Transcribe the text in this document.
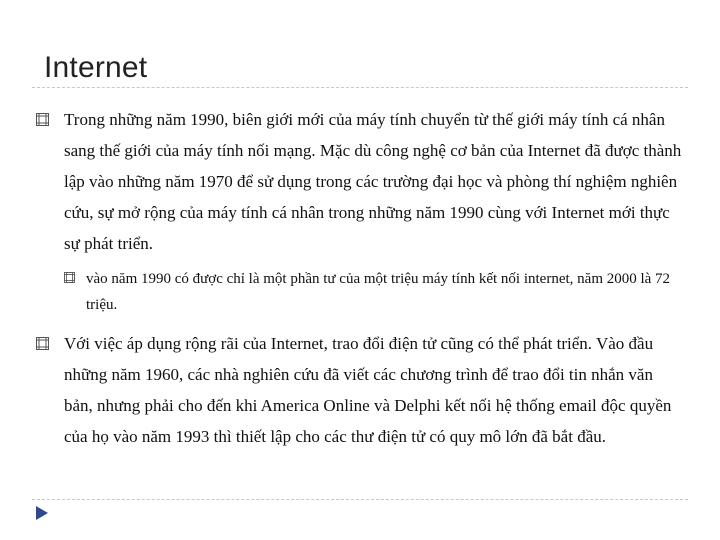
Internet

Trong những năm 1990, biên giới mới của máy tính chuyển từ thế giới máy tính cá nhân sang thế giới của máy tính nối mạng. Mặc dù công nghệ cơ bản của Internet đã được thành lập vào những năm 1970 để sử dụng trong các trường đại học và phòng thí nghiệm nghiên cứu, sự mở rộng của máy tính cá nhân trong những năm 1990 cùng với Internet mới thực sự phát triển.

vào năm 1990 có được chỉ là một phần tư của một triệu máy tính kết nối internet, năm 2000 là 72 triệu.

Với việc áp dụng rộng rãi của Internet, trao đổi điện tử cũng có thể phát triển. Vào đầu những năm 1960, các nhà nghiên cứu đã viết các chương trình để trao đổi tin nhắn văn bản, nhưng phải cho đến khi America Online và Delphi kết nối hệ thống email độc quyền của họ vào năm 1993 thì thiết lập cho các thư điện tử có quy mô lớn đã bắt đầu.
